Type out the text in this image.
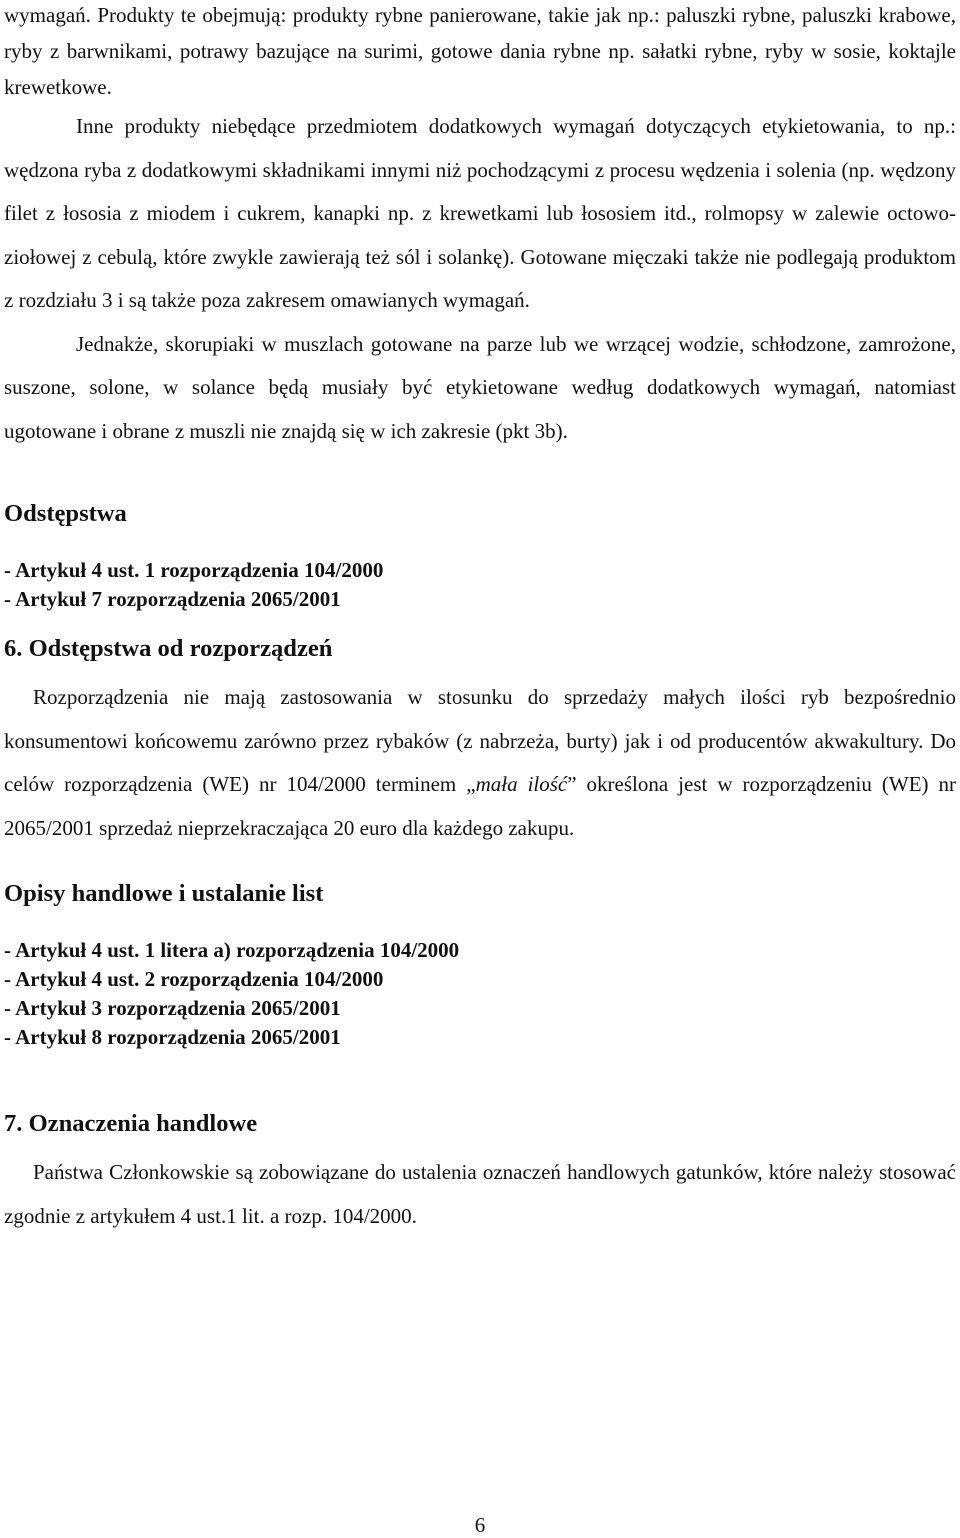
wymagań. Produkty te obejmują: produkty rybne panierowane, takie jak np.: paluszki rybne, paluszki krabowe, ryby z barwnikami, potrawy bazujące na surimi, gotowe dania rybne np. sałatki rybne, ryby w sosie, koktajle krewetkowe.

Inne produkty niebędące przedmiotem dodatkowych wymagań dotyczących etykietowania, to np.: wędzona ryba z dodatkowymi składnikami innymi niż pochodzącymi z procesu wędzenia i solenia (np. wędzony filet z łososia z miodem i cukrem, kanapki np. z krewetkami lub łososiem itd., rolmopsy w zalewie octowo-ziołowej z cebulą, które zwykle zawierają też sól i solankę). Gotowane mięczaki także nie podlegają produktom z rozdziału 3 i są także poza zakresem omawianych wymagań.

Jednakże, skorupiaki w muszlach gotowane na parze lub we wrzącej wodzie, schłodzone, zamrożone, suszone, solone, w solance będą musiały być etykietowane według dodatkowych wymagań, natomiast ugotowane i obrane z muszli nie znajdą się w ich zakresie (pkt 3b).

Odstępstwa
- Artykuł 4 ust. 1 rozporządzenia 104/2000
- Artykuł 7 rozporządzenia 2065/2001
6. Odstępstwa od rozporządzeń

Rozporządzenia nie mają zastosowania w stosunku do sprzedaży małych ilości ryb bezpośrednio konsumentowi końcowemu zarówno przez rybaków (z nabrzeża, burty) jak i od producentów akwakultury. Do celów rozporządzenia (WE) nr 104/2000 terminem „mała ilość” określona jest w rozporządzeniu (WE) nr 2065/2001 sprzedaż nieprzekraczająca 20 euro dla każdego zakupu.

Opisy handlowe i ustalanie list
- Artykuł 4 ust. 1 litera a) rozporządzenia 104/2000
- Artykuł 4 ust. 2 rozporządzenia 104/2000
- Artykuł 3 rozporządzenia 2065/2001
- Artykuł 8 rozporządzenia 2065/2001
7. Oznaczenia handlowe

Państwa Członkowskie są zobowiązane do ustalenia oznaczeń handlowych gatunków, które należy stosować zgodnie z artykułem 4 ust.1 lit. a rozp. 104/2000.

6
